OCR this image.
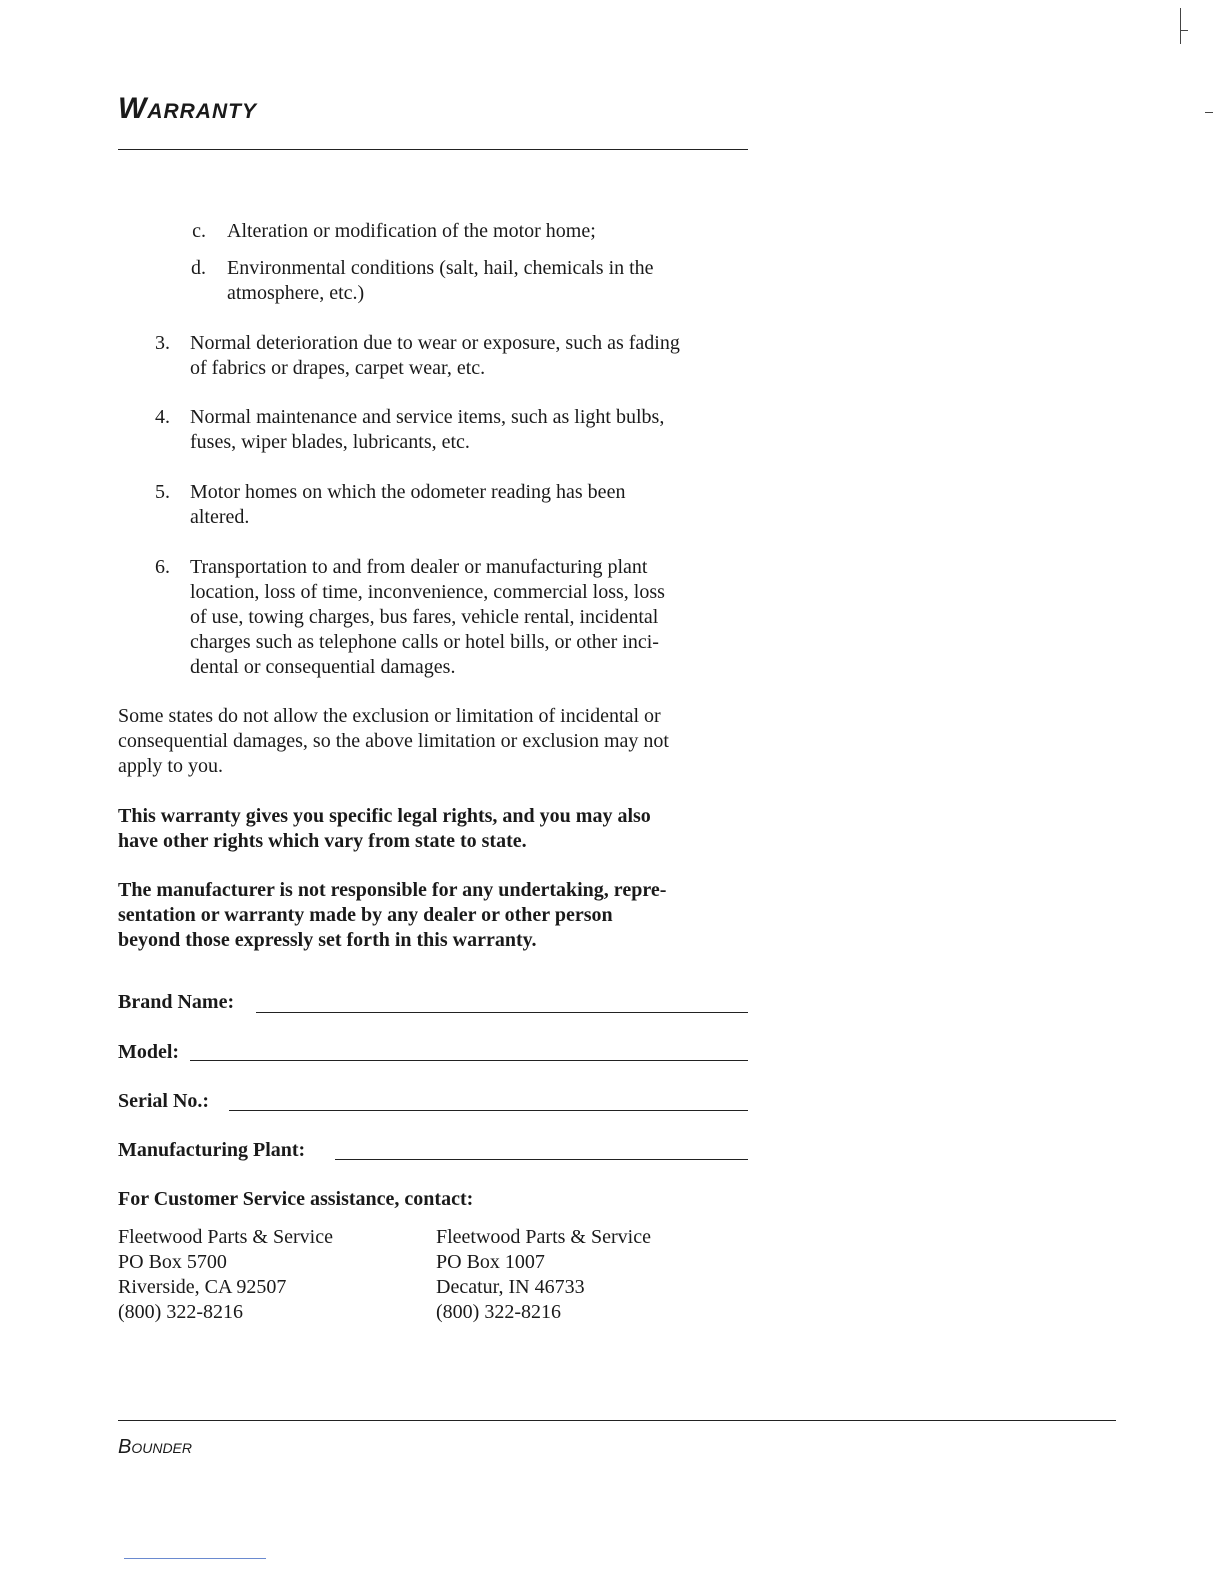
Warranty
c. Alteration or modification of the motor home;
d. Environmental conditions (salt, hail, chemicals in the
atmosphere, etc.)
3. Normal deterioration due to wear or exposure, such as fading
of fabrics or drapes, carpet wear, etc.
4. Normal maintenance and service items, such as light bulbs,
fuses, wiper blades, lubricants, etc.
5. Motor homes on which the odometer reading has been
altered.
6. Transportation to and from dealer or manufacturing plant
location, loss of time, inconvenience, commercial loss, loss
of use, towing charges, bus fares, vehicle rental, incidental
charges such as telephone calls or hotel bills, or other inci-
dental or consequential damages.
Some states do not allow the exclusion or limitation of incidental or
consequential damages, so the above limitation or exclusion may not
apply to you.
This warranty gives you specific legal rights, and you may also
have other rights which vary from state to state.
The manufacturer is not responsible for any undertaking, repre-
sentation or warranty made by any dealer or other person
beyond those expressly set forth in this warranty.
Brand Name:
Model:
Serial No.:
Manufacturing Plant:
For Customer Service assistance, contact:
Fleetwood Parts & Service
PO Box 5700
Riverside, CA 92507
(800) 322-8216
Fleetwood Parts & Service
PO Box 1007
Decatur, IN 46733
(800) 322-8216
Bounder
